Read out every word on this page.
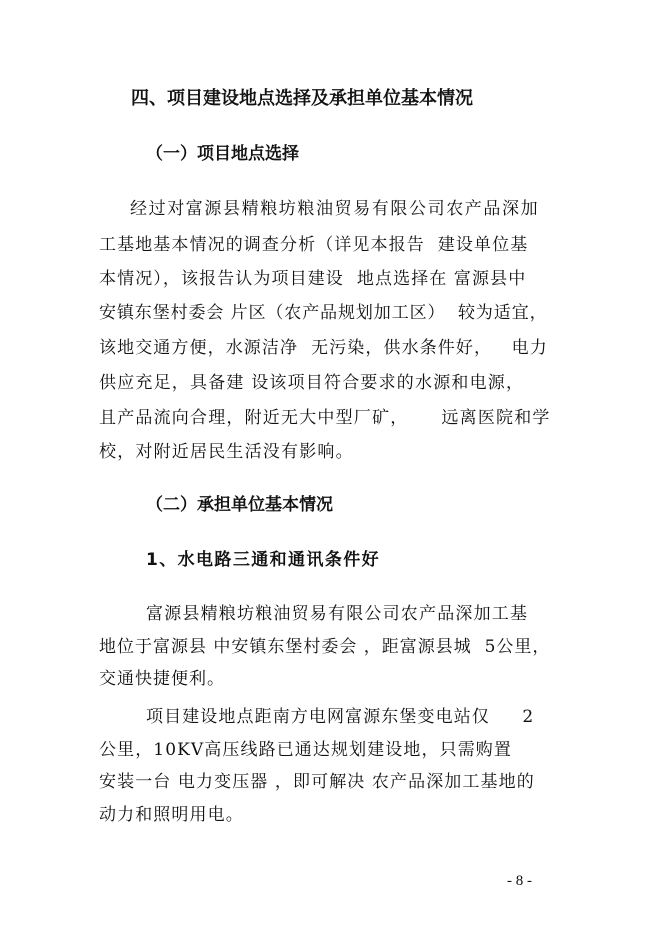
四、项目建设地点选择及承担单位基本情况
（一）项目地点选择
经过对富源县精粮坊粮油贸易有限公司农产品深加
工基地基本情况的调查分析（详见本报告  建设单位基
本情况），该报告认为项目建设  地点选择在 富源县中
安镇东堡村委会 片区（农产品规划加工区）  较为适宜，
该地交通方便，水源洁净  无污染，供水条件好，   电力
供应充足，具备建 设该项目符合要求的水源和电源，
且产品流向合理，附近无大中型厂矿，     远离医院和学
校，对附近居民生活没有影响。
（二）承担单位基本情况
1、水电路三通和通讯条件好
富源县精粮坊粮油贸易有限公司农产品深加工基
地位于富源县 中安镇东堡村委会 ，距富源县城  5公里，
交通快捷便利。
项目建设地点距南方电网富源东堡变电站仅     2
公里，10KV高压线路已通达规划建设地，只需购置
安装一台 电力变压器 ，即可解决 农产品深加工基地的
动力和照明用电。
- 8 -
